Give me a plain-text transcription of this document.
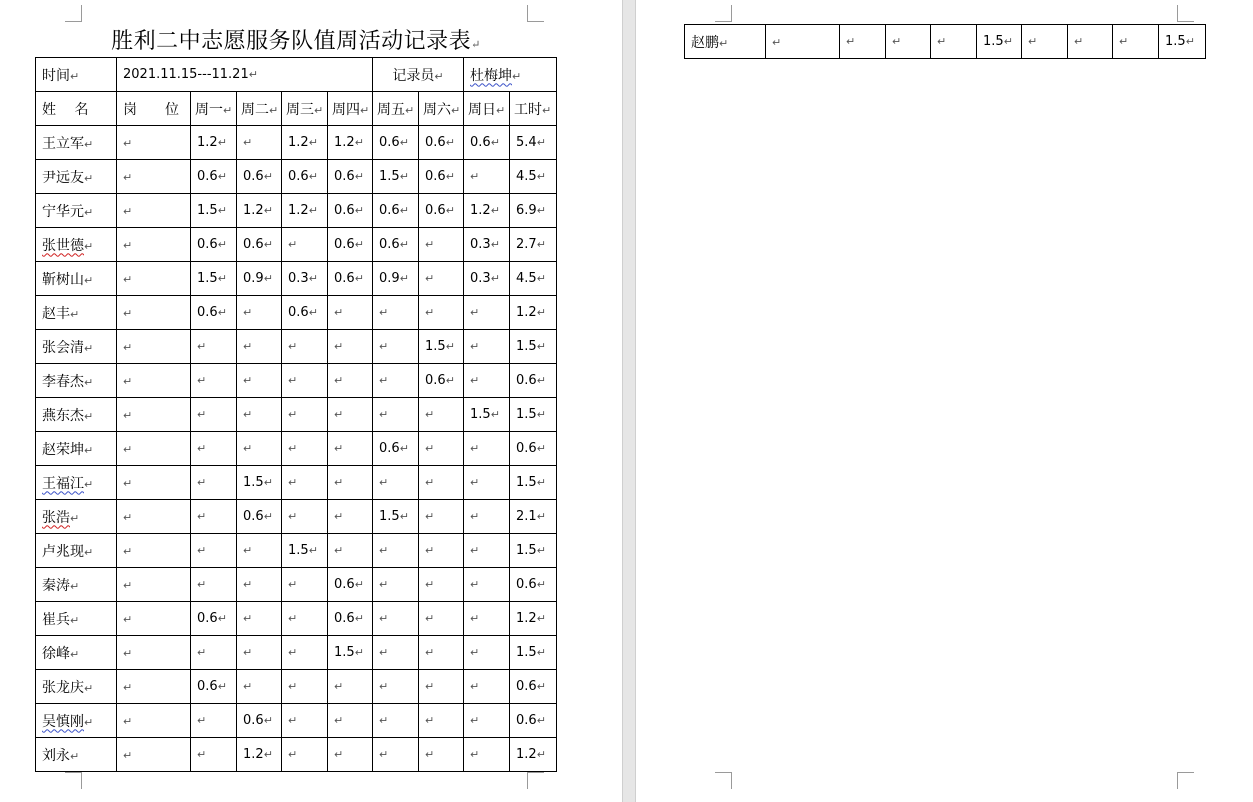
胜利二中志愿服务队值周活动记录表↵
时间↵	2021.11.15---11.21↵					记录员↵		杜梅坤↵	
姓　 名	岗　　位	周一↵	周二↵	周三↵	周四↵	周五↵	周六↵	周日↵	工时↵
王立军↵	↵	1.2↵	↵	1.2↵	1.2↵	0.6↵	0.6↵	0.6↵	5.4↵
尹远友↵	↵	0.6↵	0.6↵	0.6↵	0.6↵	1.5↵	0.6↵	↵	4.5↵
宁华元↵	↵	1.5↵	1.2↵	1.2↵	0.6↵	0.6↵	0.6↵	1.2↵	6.9↵
张世德↵	↵	0.6↵	0.6↵	↵	0.6↵	0.6↵	↵	0.3↵	2.7↵
靳树山↵	↵	1.5↵	0.9↵	0.3↵	0.6↵	0.9↵	↵	0.3↵	4.5↵
赵丰↵	↵	0.6↵	↵	0.6↵	↵	↵	↵	↵	1.2↵
张会清↵	↵	↵	↵	↵	↵	↵	1.5↵	↵	1.5↵
李春杰↵	↵	↵	↵	↵	↵	↵	0.6↵	↵	0.6↵
燕东杰↵	↵	↵	↵	↵	↵	↵	↵	1.5↵	1.5↵
赵荣坤↵	↵	↵	↵	↵	↵	0.6↵	↵	↵	0.6↵
王福江↵	↵	↵	1.5↵	↵	↵	↵	↵	↵	1.5↵
张浩↵	↵	↵	0.6↵	↵	↵	1.5↵	↵	↵	2.1↵
卢兆现↵	↵	↵	↵	1.5↵	↵	↵	↵	↵	1.5↵
秦涛↵	↵	↵	↵	↵	0.6↵	↵	↵	↵	0.6↵
崔兵↵	↵	0.6↵	↵	↵	0.6↵	↵	↵	↵	1.2↵
徐峰↵	↵	↵	↵	↵	1.5↵	↵	↵	↵	1.5↵
张龙庆↵	↵	0.6↵	↵	↵	↵	↵	↵	↵	0.6↵
吴慎刚↵	↵	↵	0.6↵	↵	↵	↵	↵	↵	0.6↵
刘永↵	↵	↵	1.2↵	↵	↵	↵	↵	↵	1.2↵
赵鹏↵	↵	↵	↵	↵	1.5↵	↵	↵	↵	1.5↵
